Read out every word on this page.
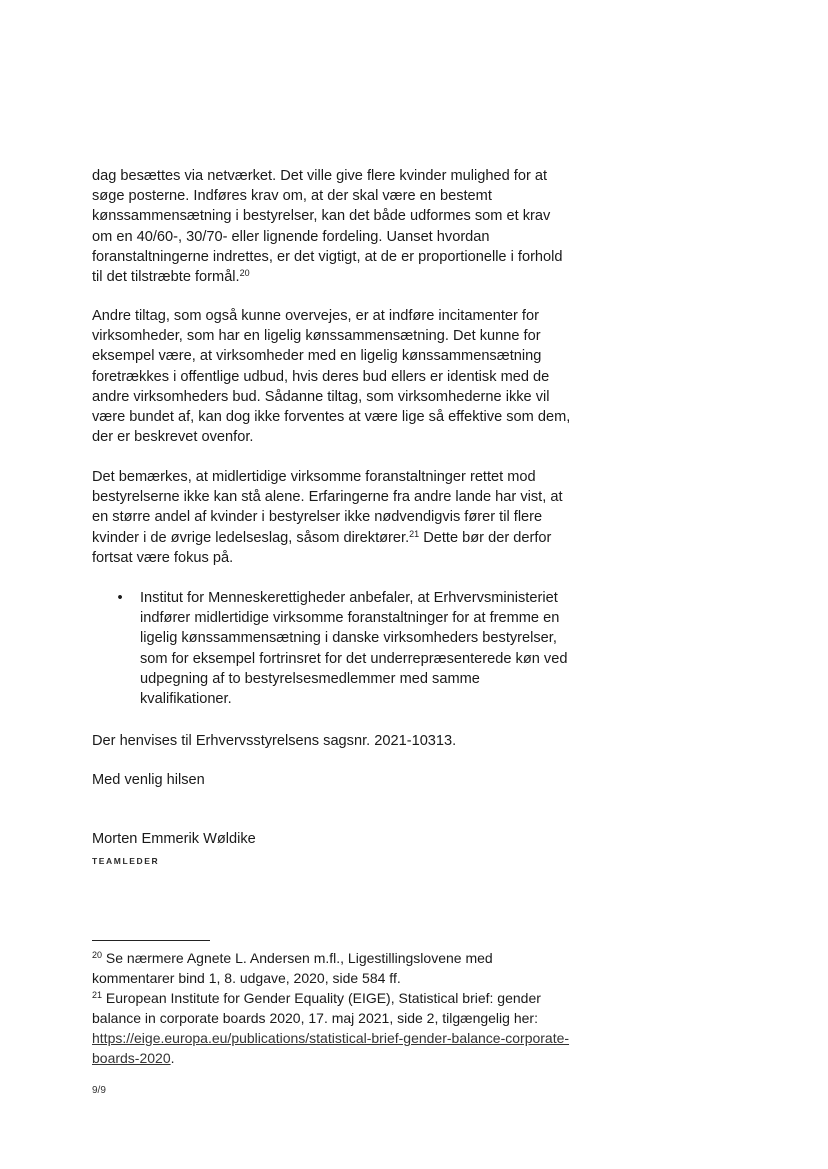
dag besættes via netværket. Det ville give flere kvinder mulighed for at søge posterne. Indføres krav om, at der skal være en bestemt kønssammensætning i bestyrelser, kan det både udformes som et krav om en 40/60-, 30/70- eller lignende fordeling. Uanset hvordan foranstaltningerne indrettes, er det vigtigt, at de er proportionelle i forhold til det tilstræbte formål.$^{20}$

Andre tiltag, som også kunne overvejes, er at indføre incitamenter for virksomheder, som har en ligelig kønssammensætning. Det kunne for eksempel være, at virksomheder med en ligelig kønssammensætning foretrækkes i offentlige udbud, hvis deres bud ellers er identisk med de andre virksomheders bud. Sådanne tiltag, som virksomhederne ikke vil være bundet af, kan dog ikke forventes at være lige så effektive som dem, der er beskrevet ovenfor.

Det bemærkes, at midlertidige virksomme foranstaltninger rettet mod bestyrelserne ikke kan stå alene. Erfaringerne fra andre lande har vist, at en større andel af kvinder i bestyrelser ikke nødvendigvis fører til flere kvinder i de øvrige ledelseslag, såsom direktører.$^{21}$ Dette bør der derfor fortsat være fokus på.

• Institut for Menneskerettigheder anbefaler, at Erhvervsministeriet indfører midlertidige virksomme foranstaltninger for at fremme en ligelig kønssammensætning i danske virksomheders bestyrelser, som for eksempel fortrinsret for det underrepræsenterede køn ved udpegning af to bestyrelsesmedlemmer med samme kvalifikationer.

Der henvises til Erhvervsstyrelsens sagsnr. 2021-10313.

Med venlig hilsen

Morten Emmerik Wøldike

TEAMLEDER

$^{20}$ Se nærmere Agnete L. Andersen m.fl., Ligestillingslovene med kommentarer bind 1, 8. udgave, 2020, side 584 ff.

$^{21}$ European Institute for Gender Equality (EIGE), Statistical brief: gender balance in corporate boards 2020, 17. maj 2021, side 2, tilgængelig her: https://eige.europa.eu/publications/statistical-brief-gender-balance-corporate-boards-2020.

9/9
